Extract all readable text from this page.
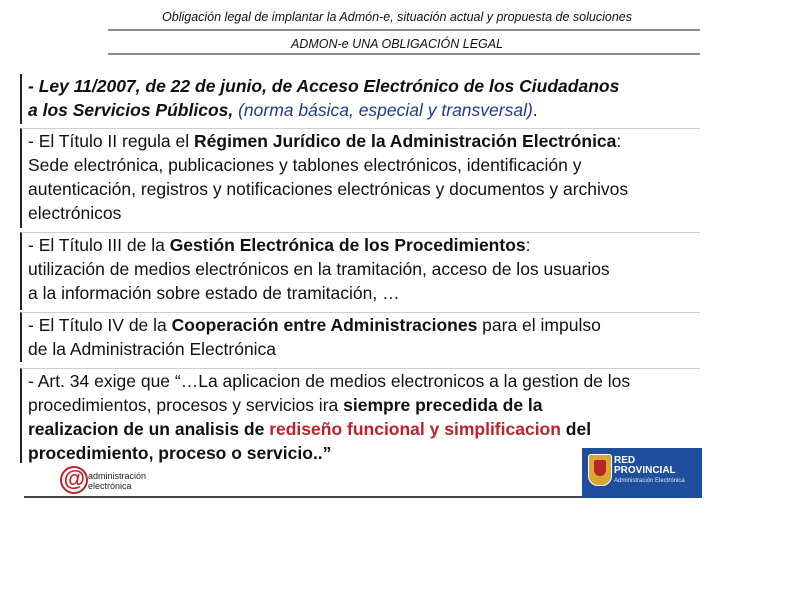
Obligación legal de implantar la Admón-e, situación actual y propuesta de soluciones
ADMON-e UNA OBLIGACIÓN LEGAL

- Ley 11/2007, de 22 de junio, de Acceso Electrónico de los Ciudadanos

a los Servicios Públicos, (norma básica, especial y transversal).

- El Título II regula el Régimen Jurídico de la Administración Electrónica:

Sede electrónica, publicaciones y tablones electrónicos, identificación y

autenticación, registros y notificaciones electrónicas y documentos y archivos

electrónicos

- El Título III de la Gestión Electrónica de los Procedimientos:

utilización de medios electrónicos en la tramitación, acceso de los usuarios

a la información sobre estado de tramitación, …

- El Título IV de la Cooperación entre Administraciones para el impulso

de la Administración Electrónica

- Art. 34 exige que “…La aplicacion de medios electronicos a la gestion de los

procedimientos, procesos y servicios ira siempre precedida de la

realizacion de un analisis de rediseño funcional y simplificacion del

procedimiento, proceso o servicio..”

@ administración
electrónica
RED
PROVINCIAL
Administración Electrónica
